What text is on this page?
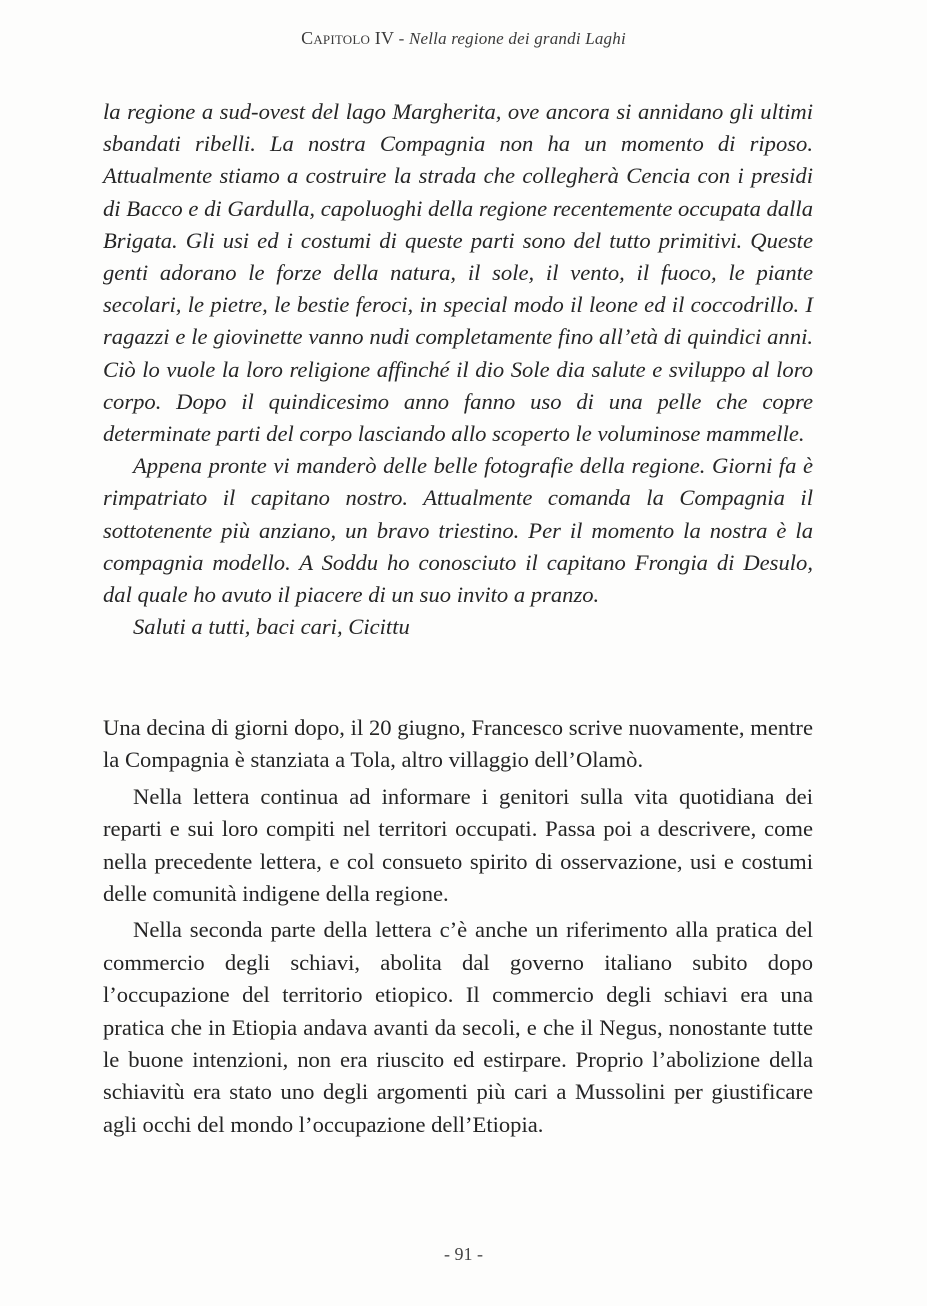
Capitolo IV - Nella regione dei grandi Laghi

la regione a sud-ovest del lago Margherita, ove ancora si annidano gli ultimi sbandati ribelli. La nostra Compagnia non ha un momento di riposo. Attualmente stiamo a costruire la strada che collegherà Cencia con i presidi di Bacco e di Gardulla, capoluoghi della regione recentemente occupata dalla Brigata. Gli usi ed i costumi di queste parti sono del tutto primitivi. Queste genti adorano le forze della natura, il sole, il vento, il fuoco, le piante secolari, le pietre, le bestie feroci, in special modo il leone ed il coccodrillo. I ragazzi e le giovinette vanno nudi completamente fino all’età di quindici anni. Ciò lo vuole la loro religione affinché il dio Sole dia salute e sviluppo al loro corpo. Dopo il quindicesimo anno fanno uso di una pelle che copre determinate parti del corpo lasciando allo scoperto le voluminose mammelle.

Appena pronte vi manderò delle belle fotografie della regione. Giorni fa è rimpatriato il capitano nostro. Attualmente comanda la Compagnia il sottotenente più anziano, un bravo triestino. Per il momento la nostra è la compagnia modello. A Soddu ho conosciuto il capitano Frongia di Desulo, dal quale ho avuto il piacere di un suo invito a pranzo.

Saluti a tutti, baci cari, Cicittu

Una decina di giorni dopo, il 20 giugno, Francesco scrive nuovamente, mentre la Compagnia è stanziata a Tola, altro villaggio dell’Olamò.

Nella lettera continua ad informare i genitori sulla vita quotidiana dei reparti e sui loro compiti nel territori occupati. Passa poi a descrivere, come nella precedente lettera, e col consueto spirito di osservazione, usi e costumi delle comunità indigene della regione.

Nella seconda parte della lettera c’è anche un riferimento alla pratica del commercio degli schiavi, abolita dal governo italiano subito dopo l’occupazione del territorio etiopico. Il commercio degli schiavi era una pratica che in Etiopia andava avanti da secoli, e che il Negus, nonostante tutte le buone intenzioni, non era riuscito ed estirpare. Proprio l’abolizione della schiavitù era stato uno degli argomenti più cari a Mussolini per giustificare agli occhi del mondo l’occupazione dell’Etiopia.

- 91 -
